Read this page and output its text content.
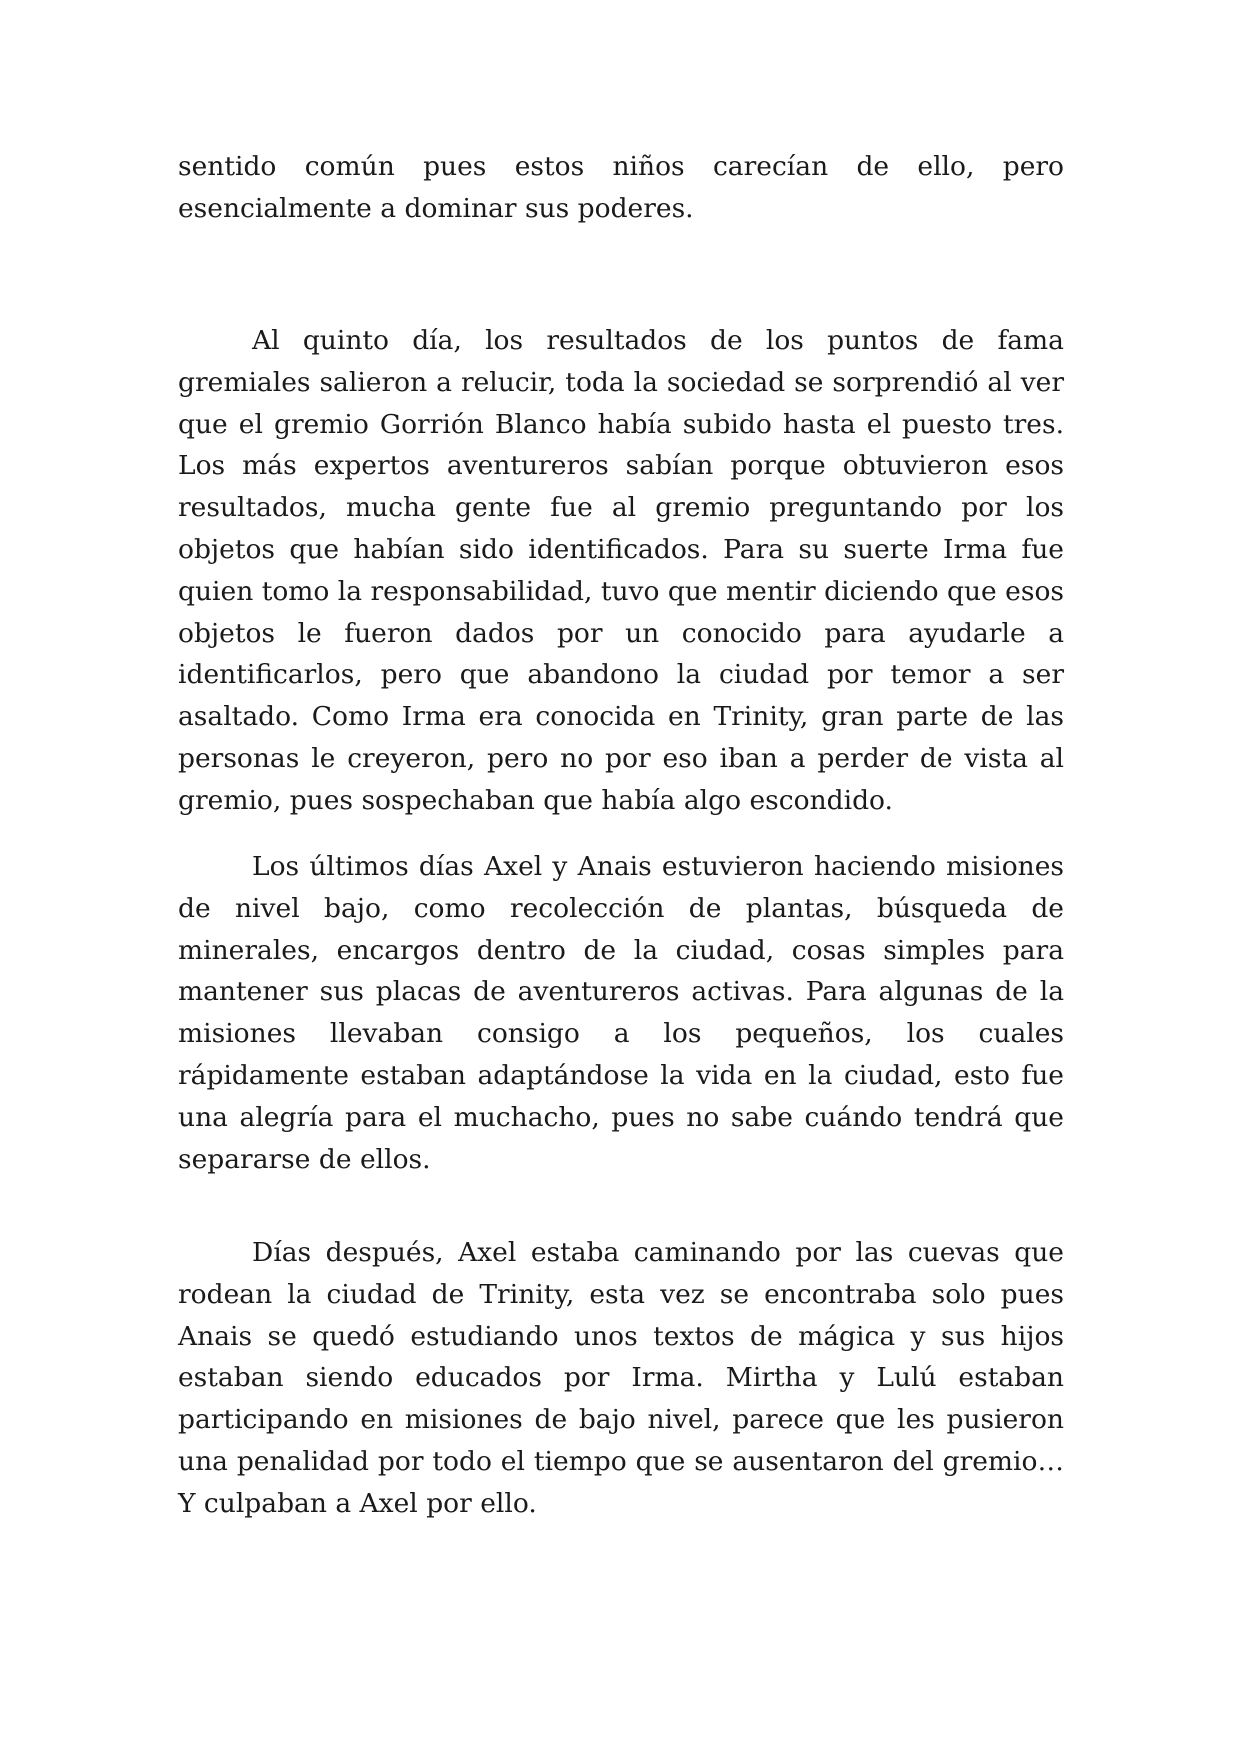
sentido común pues estos niños carecían de ello, pero esencialmente a dominar sus poderes.

Al quinto día, los resultados de los puntos de fama gremiales salieron a relucir, toda la sociedad se sorprendió al ver que el gremio Gorrión Blanco había subido hasta el puesto tres. Los más expertos aventureros sabían porque obtuvieron esos resultados, mucha gente fue al gremio preguntando por los objetos que habían sido identificados. Para su suerte Irma fue quien tomo la responsabilidad, tuvo que mentir diciendo que esos objetos le fueron dados por un conocido para ayudarle a identificarlos, pero que abandono la ciudad por temor a ser asaltado. Como Irma era conocida en Trinity, gran parte de las personas le creyeron, pero no por eso iban a perder de vista al gremio, pues sospechaban que había algo escondido.

Los últimos días Axel y Anais estuvieron haciendo misiones de nivel bajo, como recolección de plantas, búsqueda de minerales, encargos dentro de la ciudad, cosas simples para mantener sus placas de aventureros activas. Para algunas de la misiones llevaban consigo a los pequeños, los cuales rápidamente estaban adaptándose la vida en la ciudad, esto fue una alegría para el muchacho, pues no sabe cuándo tendrá que separarse de ellos.

Días después, Axel estaba caminando por las cuevas que rodean la ciudad de Trinity, esta vez se encontraba solo pues Anais se quedó estudiando unos textos de mágica y sus hijos estaban siendo educados por Irma. Mirtha y Lulú estaban participando en misiones de bajo nivel, parece que les pusieron una penalidad por todo el tiempo que se ausentaron del gremio… Y culpaban a Axel por ello.
